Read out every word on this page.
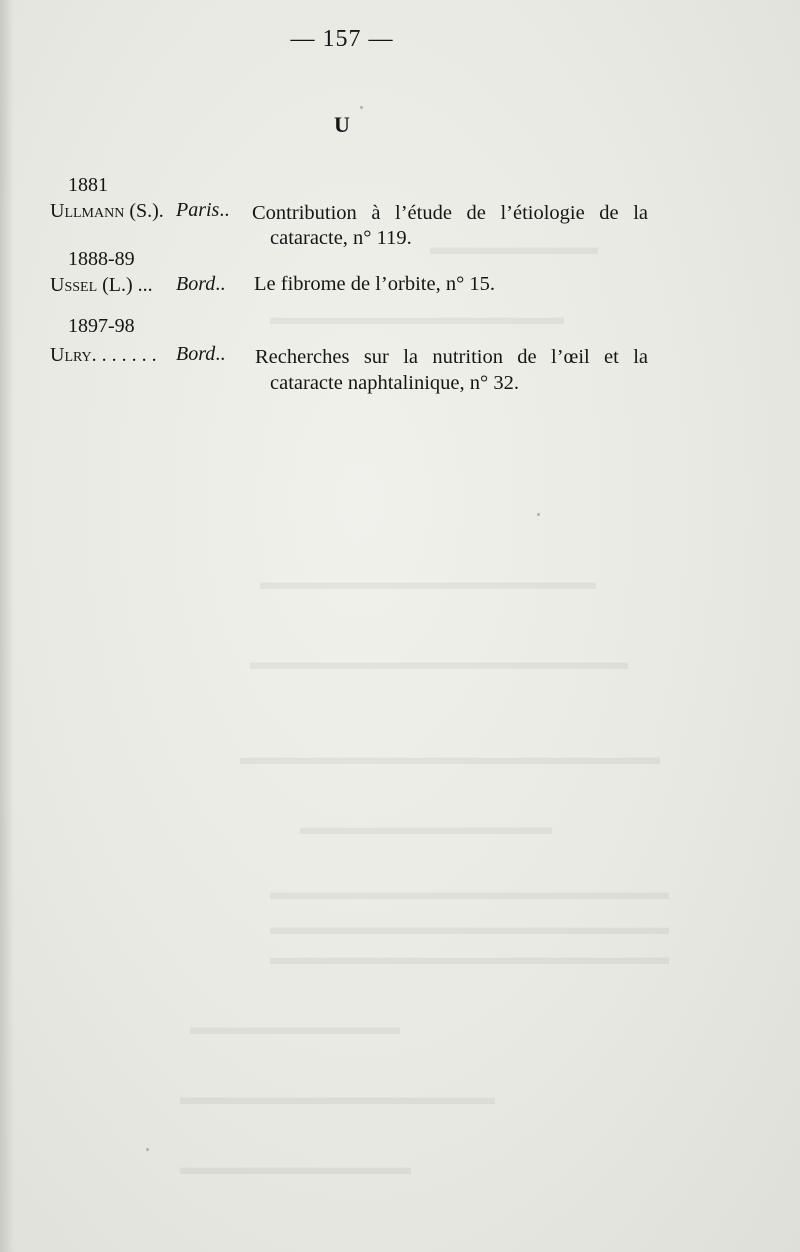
▬▬▬▬▬▬▬▬
▬▬▬▬▬▬▬▬▬▬▬▬▬▬
▬▬▬▬▬▬▬▬▬▬▬▬▬▬▬▬
▬▬▬▬▬▬▬▬▬▬▬▬▬▬▬▬▬▬
▬▬▬▬▬▬▬▬▬▬▬▬▬▬▬▬▬▬▬▬
▬▬▬▬▬▬▬▬▬▬▬▬
▬▬▬▬▬▬▬▬▬▬▬▬▬▬▬▬▬▬▬
▬▬▬▬▬▬▬▬▬▬▬▬▬▬▬▬▬▬▬
▬▬▬▬▬▬▬▬▬▬▬▬▬▬▬▬▬▬▬
▬▬▬▬▬▬▬▬▬▬
▬▬▬▬▬▬▬▬▬▬▬▬▬▬▬
▬▬▬▬▬▬▬▬▬▬▬
— 157 —
U
1881
Ullmann (S.). Paris.. Contribution à l’étude de l’étiologie de la
cataracte, n° 119.
1888-89
Ussel (L.) ... Bord.. Le fibrome de l’orbite, n° 15.
1897-98
Ulry. . . . . . . Bord.. Recherches sur la nutrition de l’œil et la
cataracte naphtalinique, n° 32.
